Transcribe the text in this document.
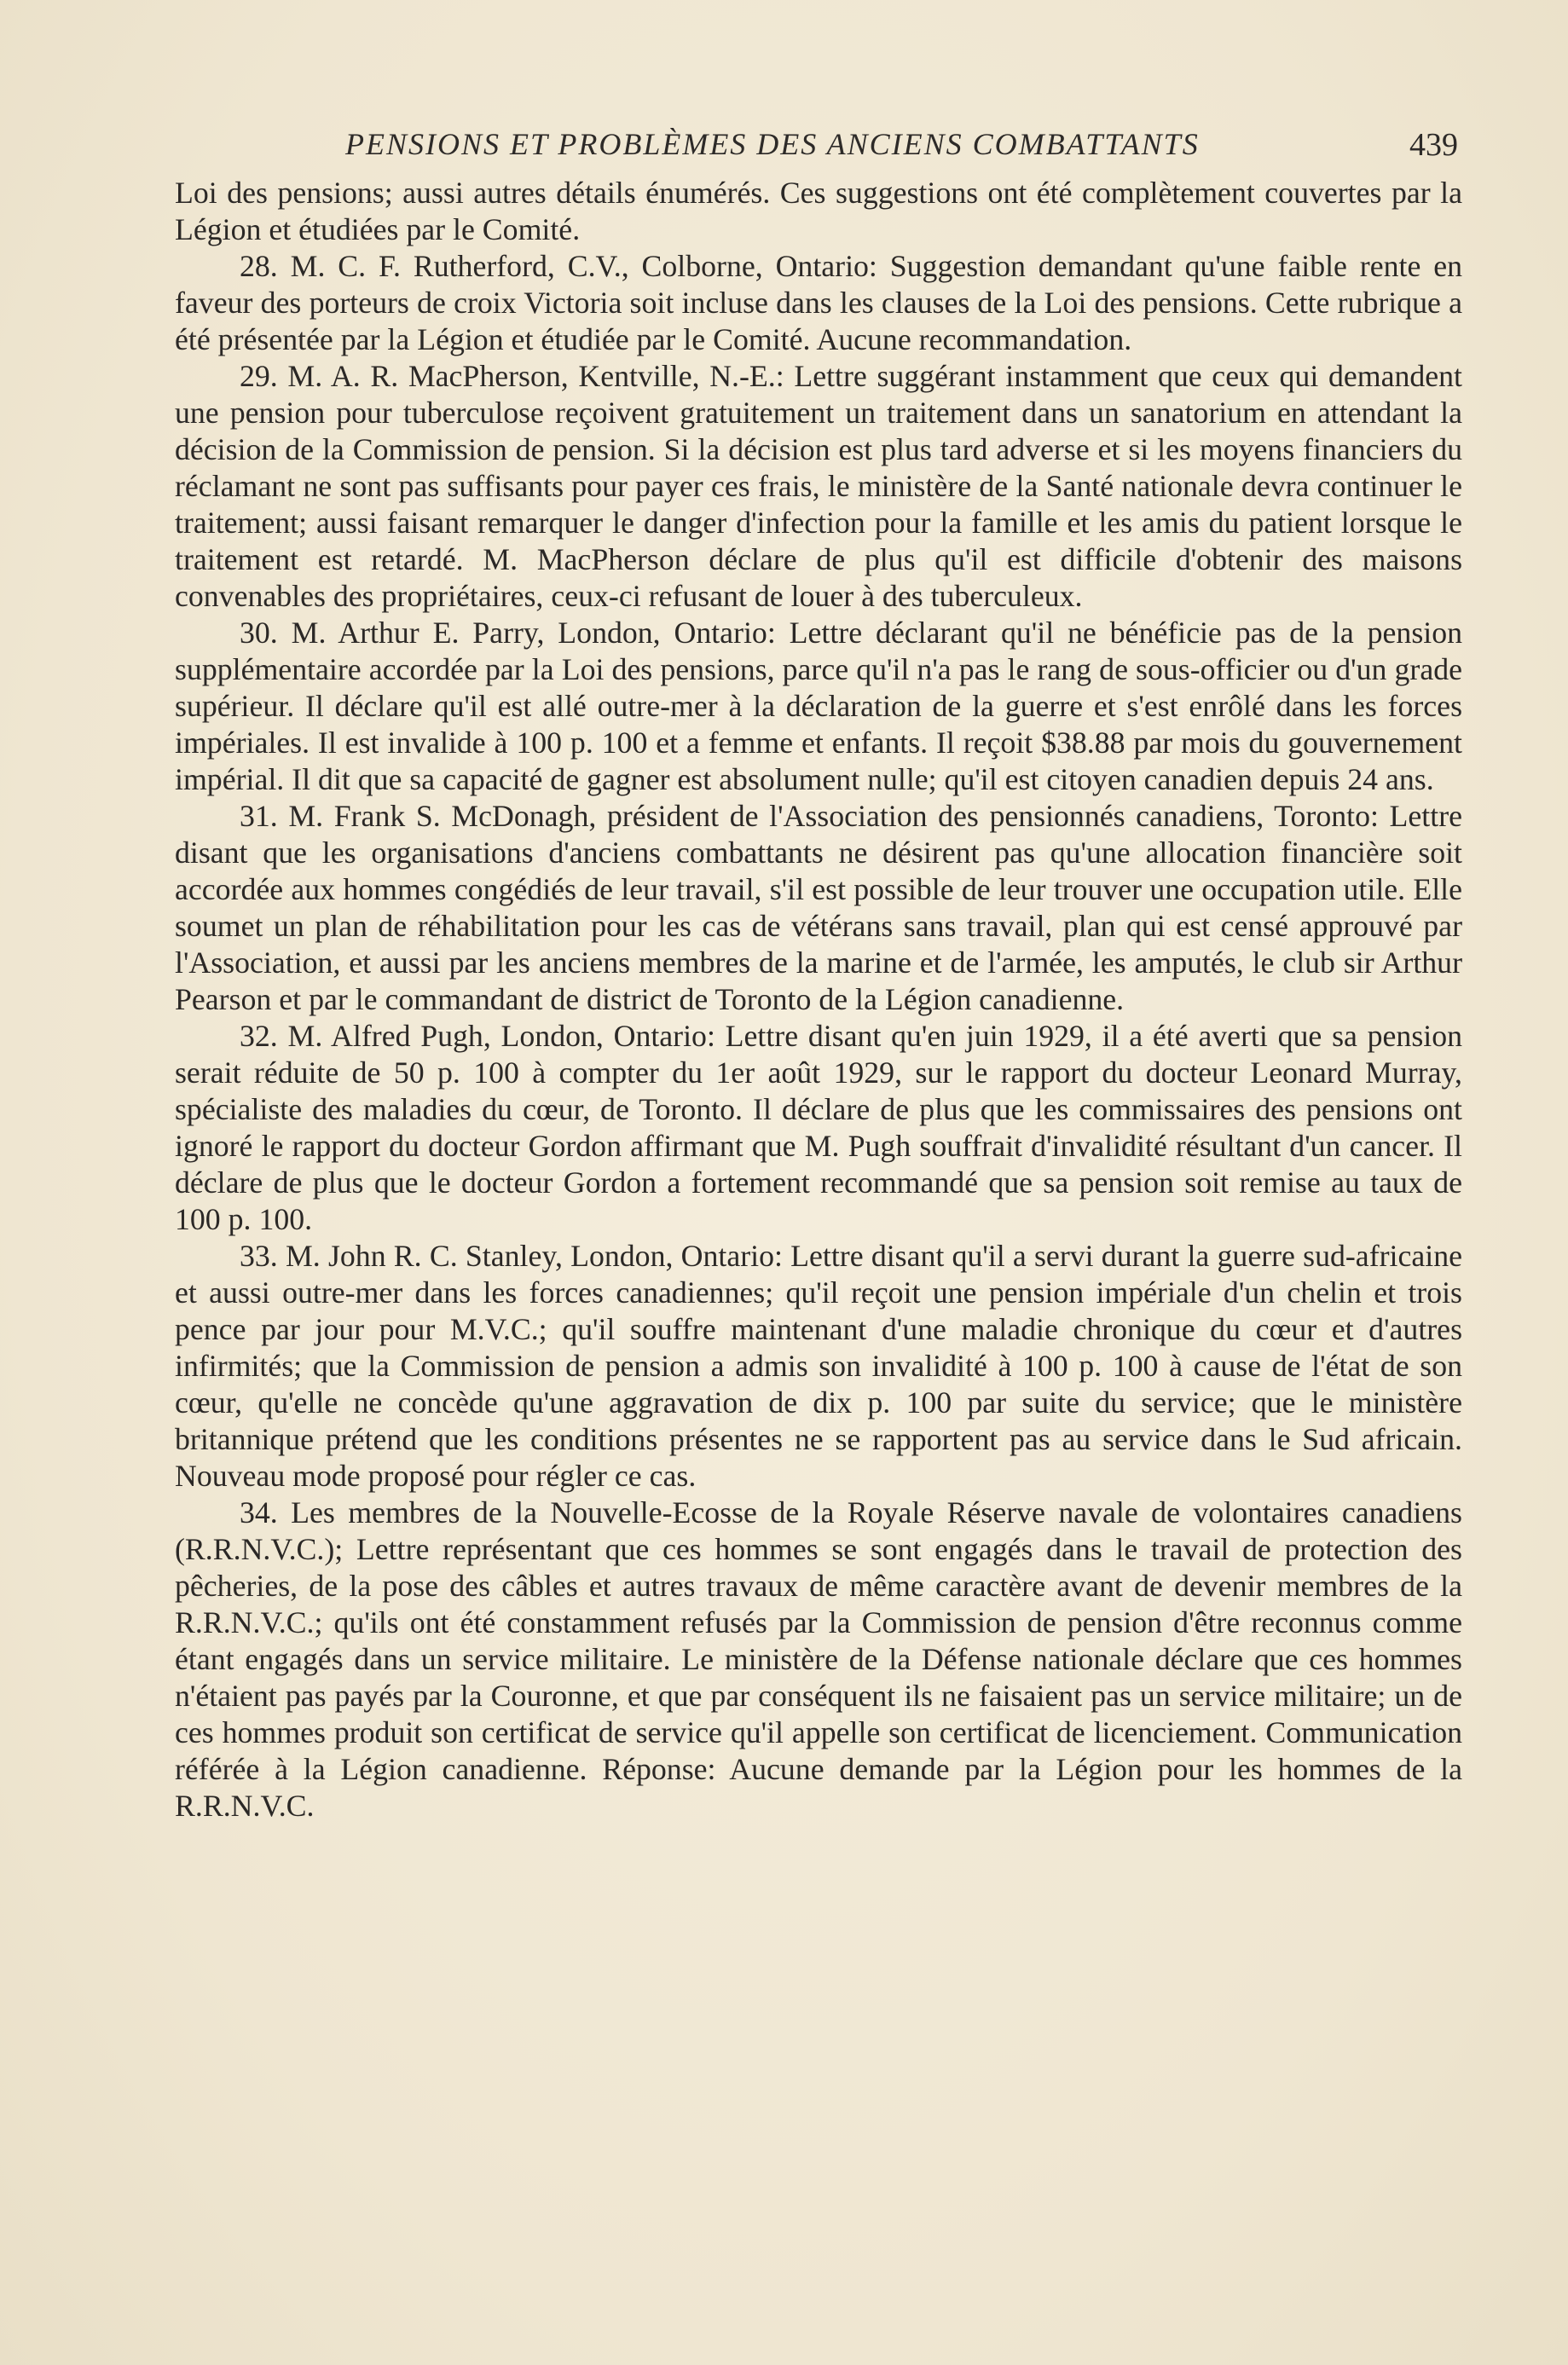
PENSIONS ET PROBLÈMES DES ANCIENS COMBATTANTS	439

Loi des pensions; aussi autres détails énumérés. Ces suggestions ont été complètement couvertes par la Légion et étudiées par le Comité.

28. M. C. F. Rutherford, C.V., Colborne, Ontario: Suggestion demandant qu'une faible rente en faveur des porteurs de croix Victoria soit incluse dans les clauses de la Loi des pensions. Cette rubrique a été présentée par la Légion et étudiée par le Comité. Aucune recommandation.

29. M. A. R. MacPherson, Kentville, N.-E.: Lettre suggérant instamment que ceux qui demandent une pension pour tuberculose reçoivent gratuitement un traitement dans un sanatorium en attendant la décision de la Commission de pension. Si la décision est plus tard adverse et si les moyens financiers du réclamant ne sont pas suffisants pour payer ces frais, le ministère de la Santé nationale devra continuer le traitement; aussi faisant remarquer le danger d'infection pour la famille et les amis du patient lorsque le traitement est retardé. M. MacPherson déclare de plus qu'il est difficile d'obtenir des maisons convenables des propriétaires, ceux-ci refusant de louer à des tuberculeux.

30. M. Arthur E. Parry, London, Ontario: Lettre déclarant qu'il ne bénéficie pas de la pension supplémentaire accordée par la Loi des pensions, parce qu'il n'a pas le rang de sous-officier ou d'un grade supérieur. Il déclare qu'il est allé outre-mer à la déclaration de la guerre et s'est enrôlé dans les forces impériales. Il est invalide à 100 p. 100 et a femme et enfants. Il reçoit $38.88 par mois du gouvernement impérial. Il dit que sa capacité de gagner est absolument nulle; qu'il est citoyen canadien depuis 24 ans.

31. M. Frank S. McDonagh, président de l'Association des pensionnés canadiens, Toronto: Lettre disant que les organisations d'anciens combattants ne désirent pas qu'une allocation financière soit accordée aux hommes congédiés de leur travail, s'il est possible de leur trouver une occupation utile. Elle soumet un plan de réhabilitation pour les cas de vétérans sans travail, plan qui est censé approuvé par l'Association, et aussi par les anciens membres de la marine et de l'armée, les amputés, le club sir Arthur Pearson et par le commandant de district de Toronto de la Légion canadienne.

32. M. Alfred Pugh, London, Ontario: Lettre disant qu'en juin 1929, il a été averti que sa pension serait réduite de 50 p. 100 à compter du 1er août 1929, sur le rapport du docteur Leonard Murray, spécialiste des maladies du cœur, de Toronto. Il déclare de plus que les commissaires des pensions ont ignoré le rapport du docteur Gordon affirmant que M. Pugh souffrait d'invalidité résultant d'un cancer. Il déclare de plus que le docteur Gordon a fortement recommandé que sa pension soit remise au taux de 100 p. 100.

33. M. John R. C. Stanley, London, Ontario: Lettre disant qu'il a servi durant la guerre sud-africaine et aussi outre-mer dans les forces canadiennes; qu'il reçoit une pension impériale d'un chelin et trois pence par jour pour M.V.C.; qu'il souffre maintenant d'une maladie chronique du cœur et d'autres infirmités; que la Commission de pension a admis son invalidité à 100 p. 100 à cause de l'état de son cœur, qu'elle ne concède qu'une aggravation de dix p. 100 par suite du service; que le ministère britannique prétend que les conditions présentes ne se rapportent pas au service dans le Sud africain. Nouveau mode proposé pour régler ce cas.

34. Les membres de la Nouvelle-Ecosse de la Royale Réserve navale de volontaires canadiens (R.R.N.V.C.); Lettre représentant que ces hommes se sont engagés dans le travail de protection des pêcheries, de la pose des câbles et autres travaux de même caractère avant de devenir membres de la R.R.N.V.C.; qu'ils ont été constamment refusés par la Commission de pension d'être reconnus comme étant engagés dans un service militaire. Le ministère de la Défense nationale déclare que ces hommes n'étaient pas payés par la Couronne, et que par conséquent ils ne faisaient pas un service militaire; un de ces hommes produit son certificat de service qu'il appelle son certificat de licenciement. Communication référée à la Légion canadienne. Réponse: Aucune demande par la Légion pour les hommes de la R.R.N.V.C.
